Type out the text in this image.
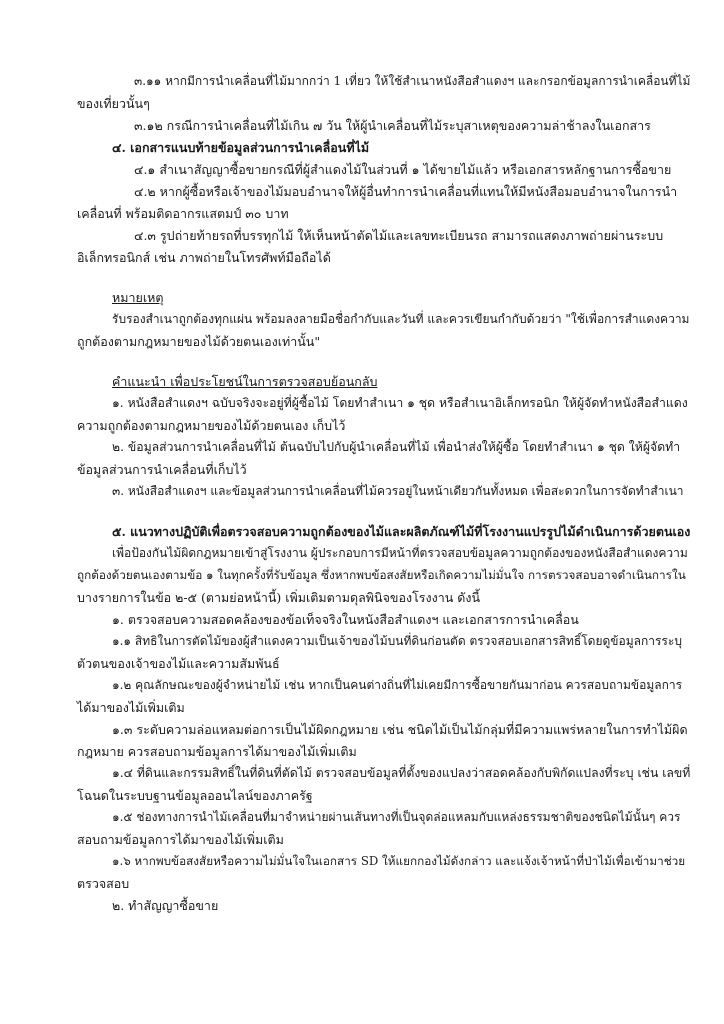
๓.๑๑ หากมีการนำเคลื่อนที่ไม้มากกว่า 1 เที่ยว ให้ใช้สำเนาหนังสือสำแดงฯ และกรอกข้อมูลการนำเคลื่อนที่ไม้
ของเที่ยวนั้นๆ
๓.๑๒ กรณีการนำเคลื่อนที่ไม้เกิน ๗ วัน ให้ผู้นำเคลื่อนที่ไม้ระบุสาเหตุของความล่าช้าลงในเอกสาร
๔. เอกสารแนบท้ายข้อมูลส่วนการนำเคลื่อนที่ไม้
๔.๑ สำเนาสัญญาซื้อขายกรณีที่ผู้สำแดงไม้ในส่วนที่ ๑ ได้ขายไม้แล้ว หรือเอกสารหลักฐานการซื้อขาย
๔.๒ หากผู้ซื้อหรือเจ้าของไม้มอบอำนาจให้ผู้อื่นทำการนำเคลื่อนที่แทนให้มีหนังสือมอบอำนาจในการนำ
เคลื่อนที่ พร้อมติดอากรแสตมป์ ๓๐ บาท
๔.๓ รูปถ่ายท้ายรถที่บรรทุกไม้ ให้เห็นหน้าตัดไม้และเลขทะเบียนรถ สามารถแสดงภาพถ่ายผ่านระบบ
อิเล็กทรอนิกส์ เช่น ภาพถ่ายในโทรศัพท์มือถือได้
หมายเหตุ
รับรองสำเนาถูกต้องทุกแผ่น พร้อมลงลายมือชื่อกำกับและวันที่ และควรเขียนกำกับด้วยว่า "ใช้เพื่อการสำแดงความ
ถูกต้องตามกฎหมายของไม้ด้วยตนเองเท่านั้น"
คำแนะนำ เพื่อประโยชน์ในการตรวจสอบย้อนกลับ
๑. หนังสือสำแดงฯ ฉบับจริงจะอยู่ที่ผู้ซื้อไม้ โดยทำสำเนา ๑ ชุด หรือสำเนาอิเล็กทรอนิก ให้ผู้จัดทำหนังสือสำแดง
ความถูกต้องตามกฎหมายของไม้ด้วยตนเอง เก็บไว้
๒. ข้อมูลส่วนการนำเคลื่อนที่ไม้ ต้นฉบับไปกับผู้นำเคลื่อนที่ไม้ เพื่อนำส่งให้ผู้ซื้อ โดยทำสำเนา ๑ ชุด ให้ผู้จัดทำ
ข้อมูลส่วนการนำเคลื่อนที่เก็บไว้
๓. หนังสือสำแดงฯ และข้อมูลส่วนการนำเคลื่อนที่ไม้ควรอยู่ในหน้าเดียวกันทั้งหมด เพื่อสะดวกในการจัดทำสำเนา
๕. แนวทางปฏิบัติเพื่อตรวจสอบความถูกต้องของไม้และผลิตภัณฑ์ไม้ที่โรงงานแปรรูปไม้ดำเนินการด้วยตนเอง
เพื่อป้องกันไม้ผิดกฎหมายเข้าสู่โรงงาน ผู้ประกอบการมีหน้าที่ตรวจสอบข้อมูลความถูกต้องของหนังสือสำแดงความ
ถูกต้องด้วยตนเองตามข้อ ๑ ในทุกครั้งที่รับข้อมูล ซึ่งหากพบข้อสงสัยหรือเกิดความไม่มั่นใจ การตรวจสอบอาจดำเนินการใน
บางรายการในข้อ ๒-๕ (ตามย่อหน้านี้) เพิ่มเติมตามดุลพินิจของโรงงาน ดังนี้
๑. ตรวจสอบความสอดคล้องของข้อเท็จจริงในหนังสือสำแดงฯ และเอกสารการนำเคลื่อน
๑.๑ สิทธิในการตัดไม้ของผู้สำแดงความเป็นเจ้าของไม้บนที่ดินก่อนตัด ตรวจสอบเอกสารสิทธิ์โดยดูข้อมูลการระบุ
ตัวตนของเจ้าของไม้และความสัมพันธ์
๑.๒ คุณลักษณะของผู้จำหน่ายไม้ เช่น หากเป็นคนต่างถิ่นที่ไม่เคยมีการซื้อขายกันมาก่อน ควรสอบถามข้อมูลการ
ได้มาของไม้เพิ่มเติม
๑.๓ ระดับความล่อแหลมต่อการเป็นไม้ผิดกฎหมาย เช่น ชนิดไม้เป็นไม้กลุ่มที่มีความแพร่หลายในการทำไม้ผิด
กฎหมาย ควรสอบถามข้อมูลการได้มาของไม้เพิ่มเติม
๑.๔ ที่ดินและกรรมสิทธิ์ในที่ดินที่ตัดไม้ ตรวจสอบข้อมูลที่ตั้งของแปลงว่าสอดคล้องกับพิกัดแปลงที่ระบุ เช่น เลขที่
โฉนดในระบบฐานข้อมูลออนไลน์ของภาครัฐ
๑.๕ ช่องทางการนำไม้เคลื่อนที่มาจำหน่ายผ่านเส้นทางที่เป็นจุดล่อแหลมกับแหล่งธรรมชาติของชนิดไม้นั้นๆ ควร
สอบถามข้อมูลการได้มาของไม้เพิ่มเติม
๑.๖ หากพบข้อสงสัยหรือความไม่มั่นใจในเอกสาร SD ให้แยกกองไม้ดังกล่าว และแจ้งเจ้าหน้าที่ป่าไม้เพื่อเข้ามาช่วย
ตรวจสอบ
๒. ทำสัญญาซื้อขาย
